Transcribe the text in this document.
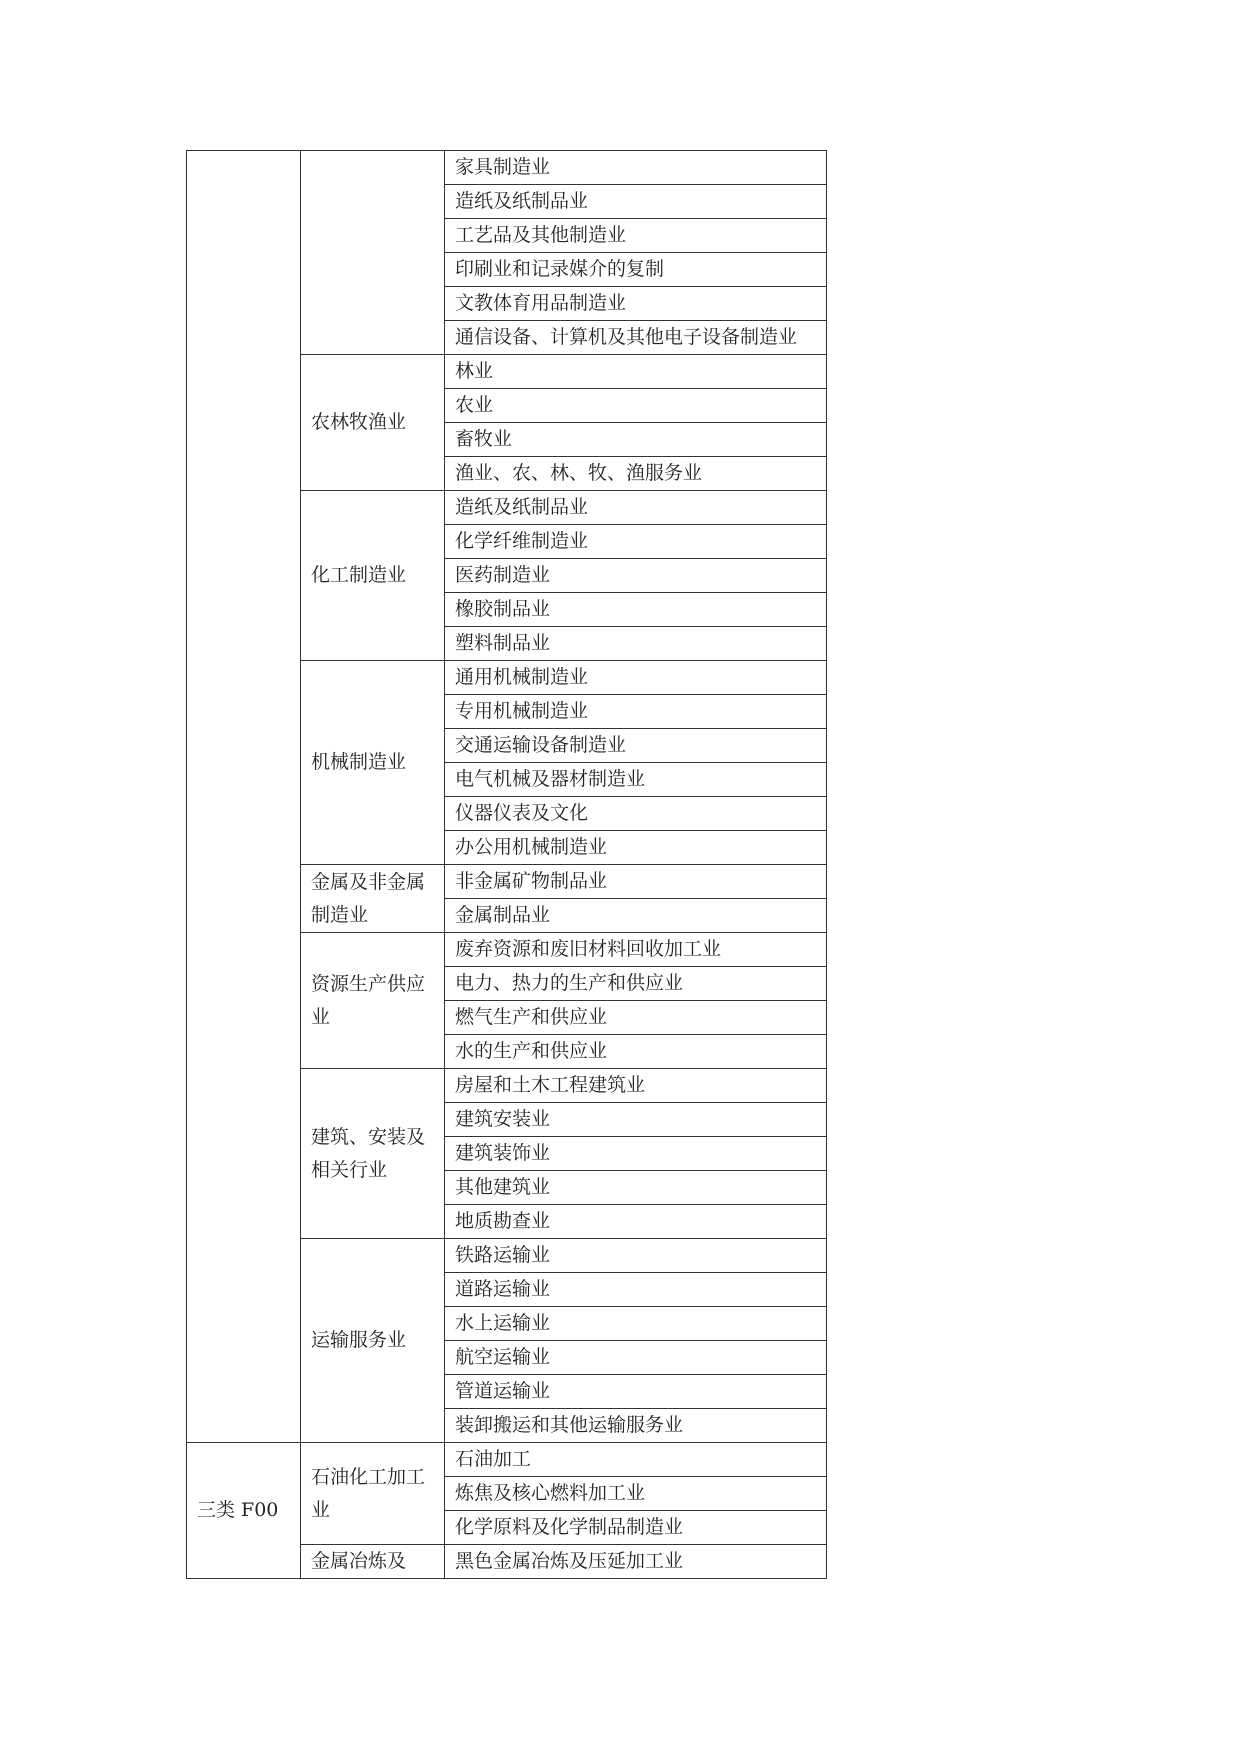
		家具制造业
		造纸及纸制品业
		工艺品及其他制造业
		印刷业和记录媒介的复制
		文教体育用品制造业
		通信设备、计算机及其他电子设备制造业
	农林牧渔业	林业
		农业
		畜牧业
		渔业、农、林、牧、渔服务业
	化工制造业	造纸及纸制品业
		化学纤维制造业
		医药制造业
		橡胶制品业
		塑料制品业
	机械制造业	通用机械制造业
		专用机械制造业
		交通运输设备制造业
		电气机械及器材制造业
		仪器仪表及文化
		办公用机械制造业
	金属及非金属制造业	非金属矿物制品业
		金属制品业
	资源生产供应业	废弃资源和废旧材料回收加工业
		电力、热力的生产和供应业
		燃气生产和供应业
		水的生产和供应业
	建筑、安装及相关行业	房屋和土木工程建筑业
		建筑安装业
		建筑装饰业
		其他建筑业
		地质勘查业
	运输服务业	铁路运输业
		道路运输业
		水上运输业
		航空运输业
		管道运输业
		装卸搬运和其他运输服务业
三类 F00	石油化工加工业	石油加工
		炼焦及核心燃料加工业
		化学原料及化学制品制造业
	金属冶炼及	黑色金属冶炼及压延加工业
